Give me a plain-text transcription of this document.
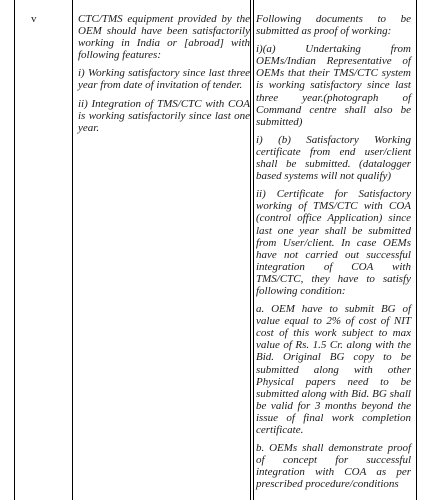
v	CTC/TMS equipment provided by the OEM should have been satisfactorily working in India or [abroad] with following features:

i) Working satisfactory since last three year from date of invitation of tender.

ii) Integration of TMS/CTC with COA is working satisfactorily since last one year.

Following documents to be submitted as proof of working:

i)(a) Undertaking from OEMs/Indian Representative of OEMs that their TMS/CTC system is working satisfactory since last three year.(photograph of Command centre shall also be submitted)

i) (b) Satisfactory Working certificate from end user/client shall be submitted. (datalogger based systems will not qualify)

ii) Certificate for Satisfactory working of TMS/CTC with COA (control office Application) since last one year shall be submitted from User/client. In case OEMs have not carried out successful integration of COA with TMS/CTC, they have to satisfy following condition:

a. OEM have to submit BG of value equal to 2% of cost of NIT cost of this work subject to max value of Rs. 1.5 Cr. along with the Bid. Original BG copy to be submitted along with other Physical papers need to be submitted along with Bid. BG shall be valid for 3 months beyond the issue of final work completion certificate.

b. OEMs shall demonstrate proof of concept for successful integration with COA as per prescribed procedure/conditions
